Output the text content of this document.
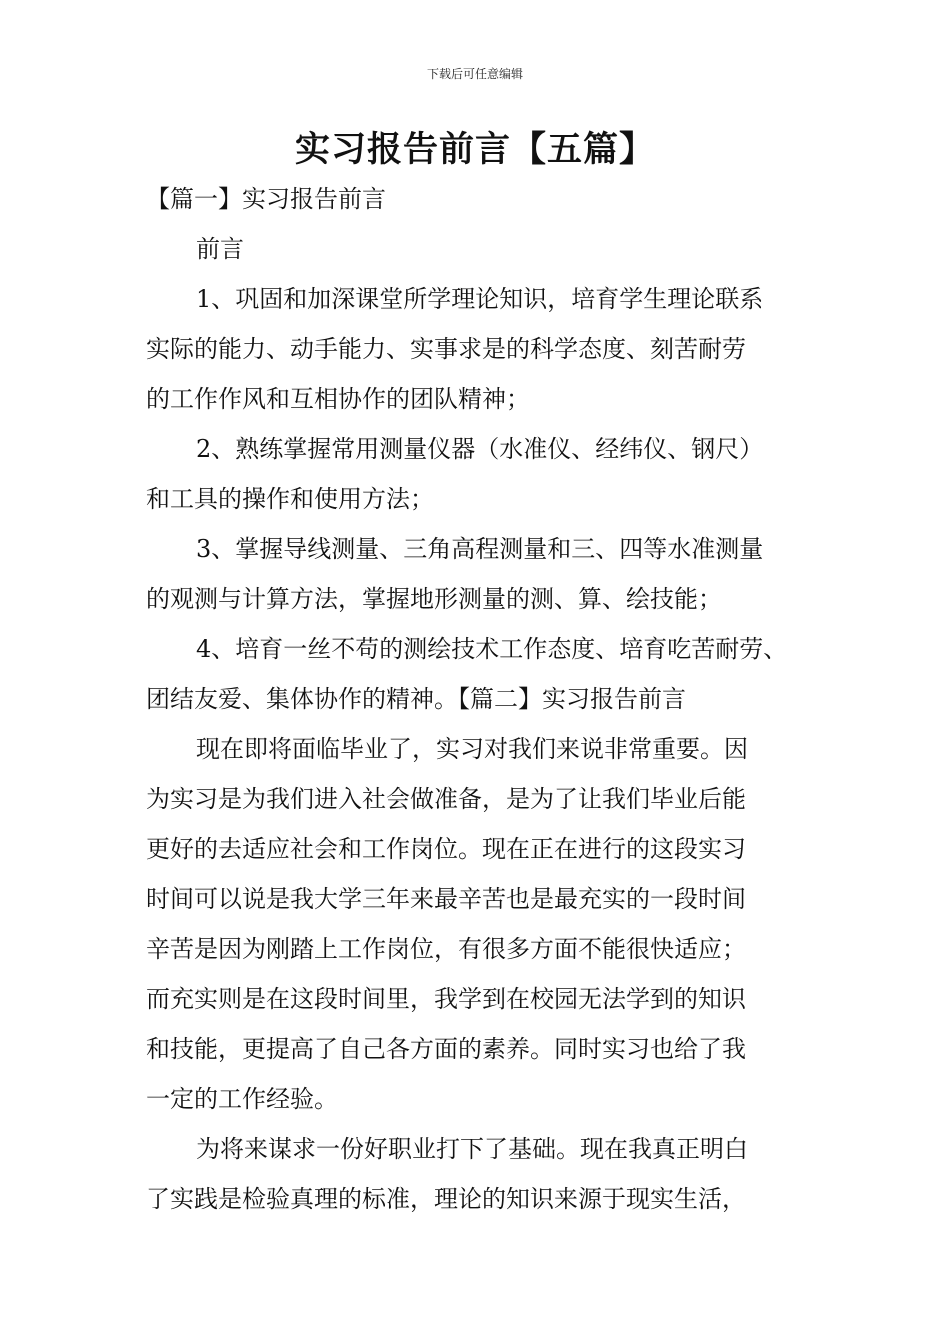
下载后可任意编辑
实习报告前言【五篇】
【篇一】实习报告前言
前言
1、巩固和加深课堂所学理论知识，培育学生理论联系
实际的能力、动手能力、实事求是的科学态度、刻苦耐劳
的工作作风和互相协作的团队精神；
2、熟练掌握常用测量仪器（水准仪、经纬仪、钢尺）
和工具的操作和使用方法；
3、掌握导线测量、三角高程测量和三、四等水准测量
的观测与计算方法，掌握地形测量的测、算、绘技能；
4、培育一丝不苟的测绘技术工作态度、培育吃苦耐劳、
团结友爱、集体协作的精神。【篇二】实习报告前言
现在即将面临毕业了，实习对我们来说非常重要。因
为实习是为我们进入社会做准备，是为了让我们毕业后能
更好的去适应社会和工作岗位。现在正在进行的这段实习
时间可以说是我大学三年来最辛苦也是最充实的一段时间
辛苦是因为刚踏上工作岗位，有很多方面不能很快适应；
而充实则是在这段时间里，我学到在校园无法学到的知识
和技能，更提高了自己各方面的素养。同时实习也给了我
一定的工作经验。
为将来谋求一份好职业打下了基础。现在我真正明白
了实践是检验真理的标准，理论的知识来源于现实生活，
